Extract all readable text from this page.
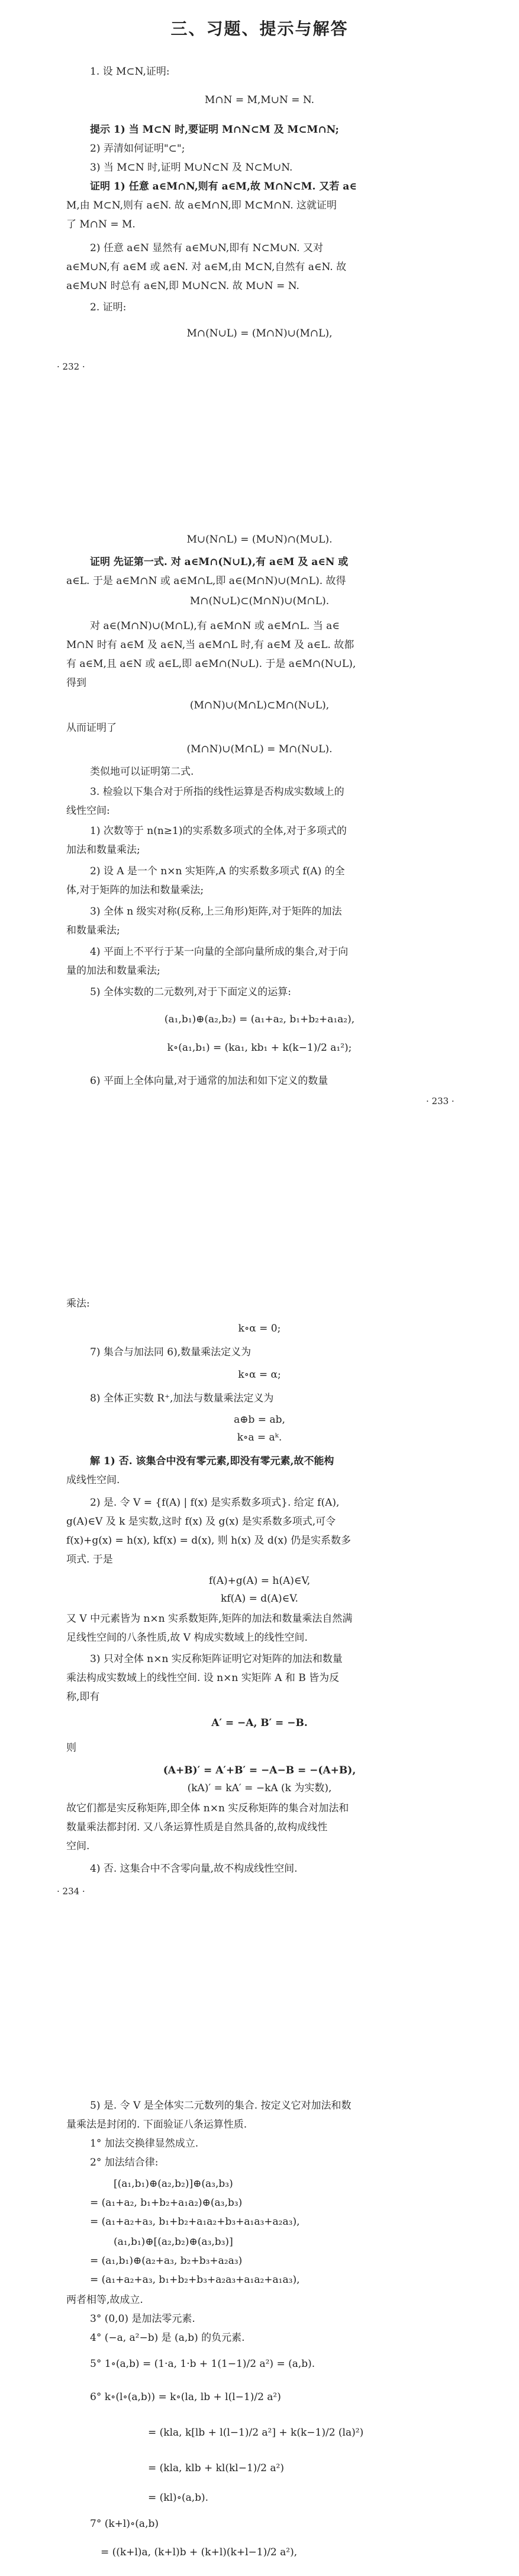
三、习题、提示与解答
1. 设 M⊂N,证明:
M∩N = M,M∪N = N.
提示 1) 当 M⊂N 时,要证明 M∩N⊂M 及 M⊂M∩N;
2) 弄清如何证明"⊂";
3) 当 M⊂N 时,证明 M∪N⊂N 及 N⊂M∪N.
证明 1) 任意 a∈M∩N,则有 a∈M,故 M∩N⊂M. 又若 a∈
M,由 M⊂N,则有 a∈N. 故 a∈M∩N,即 M⊂M∩N. 这就证明
了 M∩N = M.
2) 任意 a∈N 显然有 a∈M∪N,即有 N⊂M∪N. 又对
a∈M∪N,有 a∈M 或 a∈N. 对 a∈M,由 M⊂N,自然有 a∈N. 故
a∈M∪N 时总有 a∈N,即 M∪N⊂N. 故 M∪N = N.
2. 证明:
M∩(N∪L) = (M∩N)∪(M∩L),
· 232 ·
M∪(N∩L) = (M∪N)∩(M∪L).
证明 先证第一式. 对 a∈M∩(N∪L),有 a∈M 及 a∈N 或
a∈L. 于是 a∈M∩N 或 a∈M∩L,即 a∈(M∩N)∪(M∩L). 故得
M∩(N∪L)⊂(M∩N)∪(M∩L).
对 a∈(M∩N)∪(M∩L),有 a∈M∩N 或 a∈M∩L. 当 a∈
M∩N 时有 a∈M 及 a∈N,当 a∈M∩L 时,有 a∈M 及 a∈L. 故都
有 a∈M,且 a∈N 或 a∈L,即 a∈M∩(N∪L). 于是 a∈M∩(N∪L),
得到
(M∩N)∪(M∩L)⊂M∩(N∪L),
从而证明了
(M∩N)∪(M∩L) = M∩(N∪L).
类似地可以证明第二式.
3. 检验以下集合对于所指的线性运算是否构成实数域上的
线性空间:
1) 次数等于 n(n≥1)的实系数多项式的全体,对于多项式的
加法和数量乘法;
2) 设 A 是一个 n×n 实矩阵,A 的实系数多项式 f(A) 的全
体,对于矩阵的加法和数量乘法;
3) 全体 n 级实对称(反称,上三角形)矩阵,对于矩阵的加法
和数量乘法;
4) 平面上不平行于某一向量的全部向量所成的集合,对于向
量的加法和数量乘法;
5) 全体实数的二元数列,对于下面定义的运算:
(a₁,b₁)⊕(a₂,b₂) = (a₁+a₂, b₁+b₂+a₁a₂),
k∘(a₁,b₁) = (ka₁, kb₁ + k(k−1)/2 a₁²);
6) 平面上全体向量,对于通常的加法和如下定义的数量
· 233 ·
乘法:
k∘α = 0;
7) 集合与加法同 6),数量乘法定义为
k∘α = α;
8) 全体正实数 R⁺,加法与数量乘法定义为
a⊕b = ab,
k∘a = aᵏ.
解 1) 否. 该集合中没有零元素,即没有零元素,故不能构
成线性空间.
2) 是. 令 V = {f(A) | f(x) 是实系数多项式}. 给定 f(A),
g(A)∈V 及 k 是实数,这时 f(x) 及 g(x) 是实系数多项式,可令
f(x)+g(x) = h(x), kf(x) = d(x), 则 h(x) 及 d(x) 仍是实系数多
项式. 于是
f(A)+g(A) = h(A)∈V,
kf(A) = d(A)∈V.
又 V 中元素皆为 n×n 实系数矩阵,矩阵的加法和数量乘法自然满
足线性空间的八条性质,故 V 构成实数域上的线性空间.
3) 只对全体 n×n 实反称矩阵证明它对矩阵的加法和数量
乘法构成实数域上的线性空间. 设 n×n 实矩阵 A 和 B 皆为反
称,即有
A′ = −A, B′ = −B.
则
(A+B)′ = A′+B′ = −A−B = −(A+B),
(kA)′ = kA′ = −kA (k 为实数),
故它们都是实反称矩阵,即全体 n×n 实反称矩阵的集合对加法和
数量乘法都封闭. 又八条运算性质是自然具备的,故构成线性
空间.
4) 否. 这集合中不含零向量,故不构成线性空间.
· 234 ·
5) 是. 令 V 是全体实二元数列的集合. 按定义它对加法和数
量乘法是封闭的. 下面验证八条运算性质.
1° 加法交换律显然成立.
2° 加法结合律:
[(a₁,b₁)⊕(a₂,b₂)]⊕(a₃,b₃)
= (a₁+a₂, b₁+b₂+a₁a₂)⊕(a₃,b₃)
= (a₁+a₂+a₃, b₁+b₂+a₁a₂+b₃+a₁a₃+a₂a₃),
(a₁,b₁)⊕[(a₂,b₂)⊕(a₃,b₃)]
= (a₁,b₁)⊕(a₂+a₃, b₂+b₃+a₂a₃)
= (a₁+a₂+a₃, b₁+b₂+b₃+a₂a₃+a₁a₂+a₁a₃),
两者相等,故成立.
3° (0,0) 是加法零元素.
4° (−a, a²−b) 是 (a,b) 的负元素.
5° 1∘(a,b) = (1·a, 1·b + 1(1−1)/2 a²) = (a,b).
6° k∘(l∘(a,b)) = k∘(la, lb + l(l−1)/2 a²)
= (kla, k[lb + l(l−1)/2 a²] + k(k−1)/2 (la)²)
= (kla, klb + kl(kl−1)/2 a²)
= (kl)∘(a,b).
7° (k+l)∘(a,b)
= ((k+l)a, (k+l)b + (k+l)(k+l−1)/2 a²),
